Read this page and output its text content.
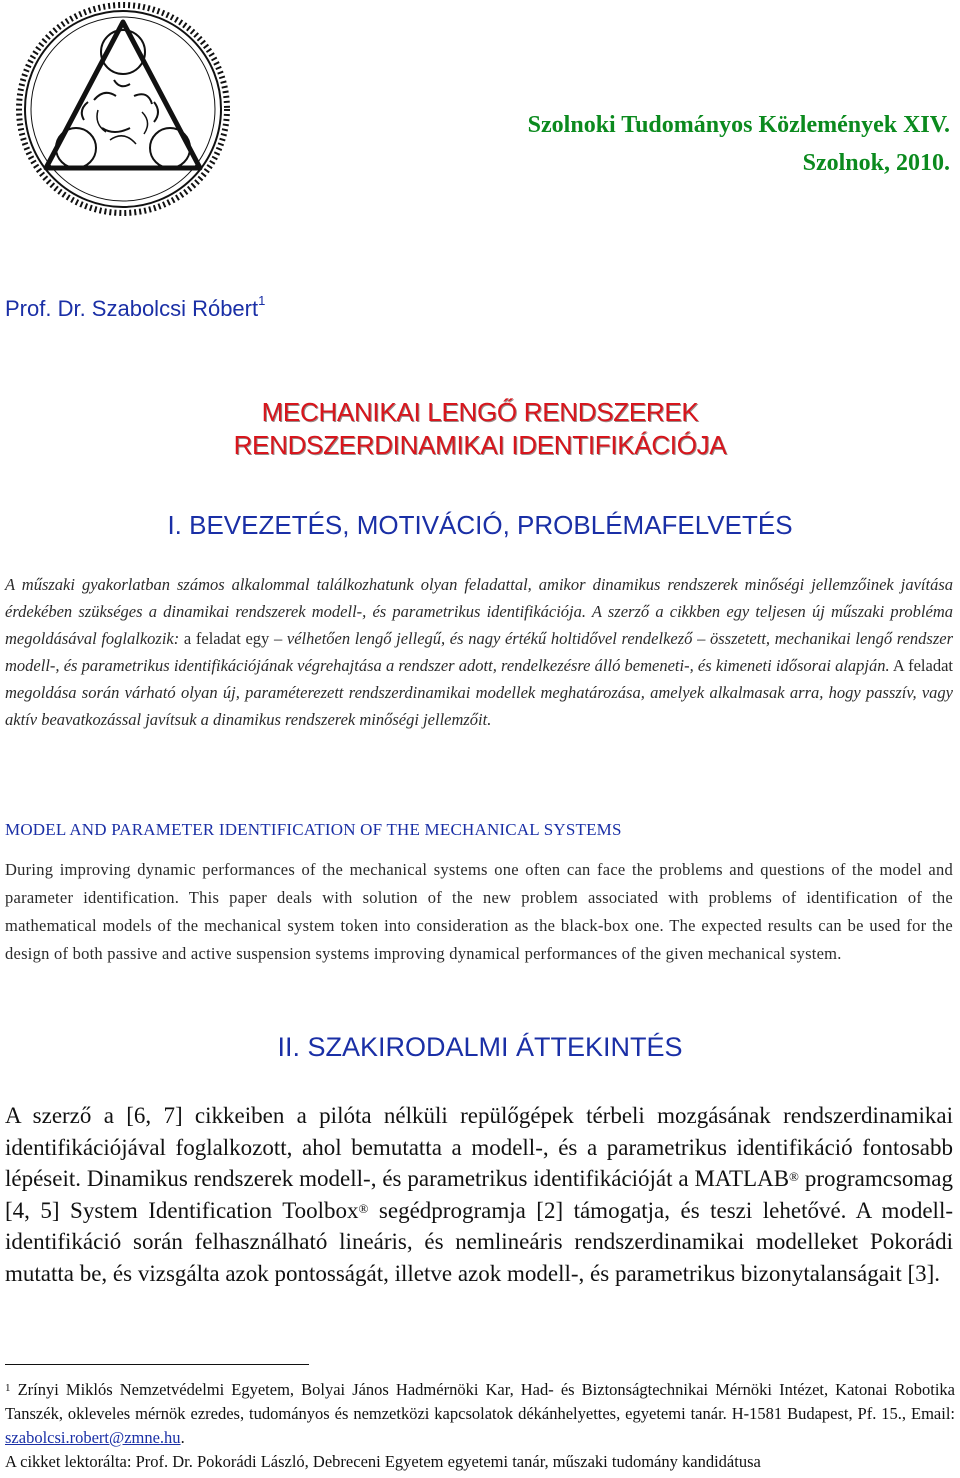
Szolnoki Tudományos Közlemények XIV.
Szolnok, 2010.
Prof. Dr. Szabolcsi Róbert$^1$
MECHANIKAI LENGŐ RENDSZEREK
RENDSZERDINAMIKAI IDENTIFIKÁCIÓJA
I. BEVEZETÉS, MOTIVÁCIÓ, PROBLÉMAFELVETÉS
A műszaki gyakorlatban számos alkalommal találkozhatunk olyan feladattal, amikor dinamikus rendszerek minőségi jellemzőinek javítása érdekében szükséges a dinamikai rendszerek modell-, és parametrikus identifikációja. A szerző a cikkben egy teljesen új műszaki probléma megoldásával foglalkozik: a feladat egy – vélhetően lengő jellegű, és nagy értékű holtidővel rendelkező – összetett, mechanikai lengő rendszer modell-, és parametrikus identifikációjának végrehajtása a rendszer adott, rendelkezésre álló bemeneti-, és kimeneti idősorai alapján. A feladat megoldása során várható olyan új, paraméterezett rendszerdinamikai modellek meghatározása, amelyek alkalmasak arra, hogy passzív, vagy aktív beavatkozással javítsuk a dinamikus rendszerek minőségi jellemzőit.
MODEL AND PARAMETER IDENTIFICATION OF THE MECHANICAL SYSTEMS
During improving dynamic performances of the mechanical systems one often can face the problems and questions of the model and parameter identification. This paper deals with solution of the new problem associated with problems of identification of the mathematical models of the mechanical system token into consideration as the black-box one. The expected results can be used for the design of both passive and active suspension systems improving dynamical performances of the given mechanical system.
II. SZAKIRODALMI ÁTTEKINTÉS
A szerző a [6, 7] cikkeiben a pilóta nélküli repülőgépek térbeli mozgásának rendszerdinamikai identifikációjával foglalkozott, ahol bemutatta a modell-, és a parametrikus identifikáció fontosabb lépéseit. Dinamikus rendszerek modell-, és parametrikus identifikációját a MATLAB® programcsomag [4, 5] System Identification Toolbox® segédprogramja [2] támogatja, és teszi lehetővé. A modell-identifikáció során felhasználható lineáris, és nemlineáris rendszerdinamikai modelleket Pokorádi mutatta be, és vizsgálta azok pontosságát, illetve azok modell-, és parametrikus bizonytalanságait [3].
$^1$ Zrínyi Miklós Nemzetvédelmi Egyetem, Bolyai János Hadmérnöki Kar, Had- és Biztonságtechnikai Mérnöki Intézet, Katonai Robotika Tanszék, okleveles mérnök ezredes, tudományos és nemzetközi kapcsolatok dékánhelyettes, egyetemi tanár. H-1581 Budapest, Pf. 15., Email: szabolcsi.robert@zmne.hu.
A cikket lektorálta: Prof. Dr. Pokorádi László, Debreceni Egyetem egyetemi tanár, műszaki tudomány kandidátusa
